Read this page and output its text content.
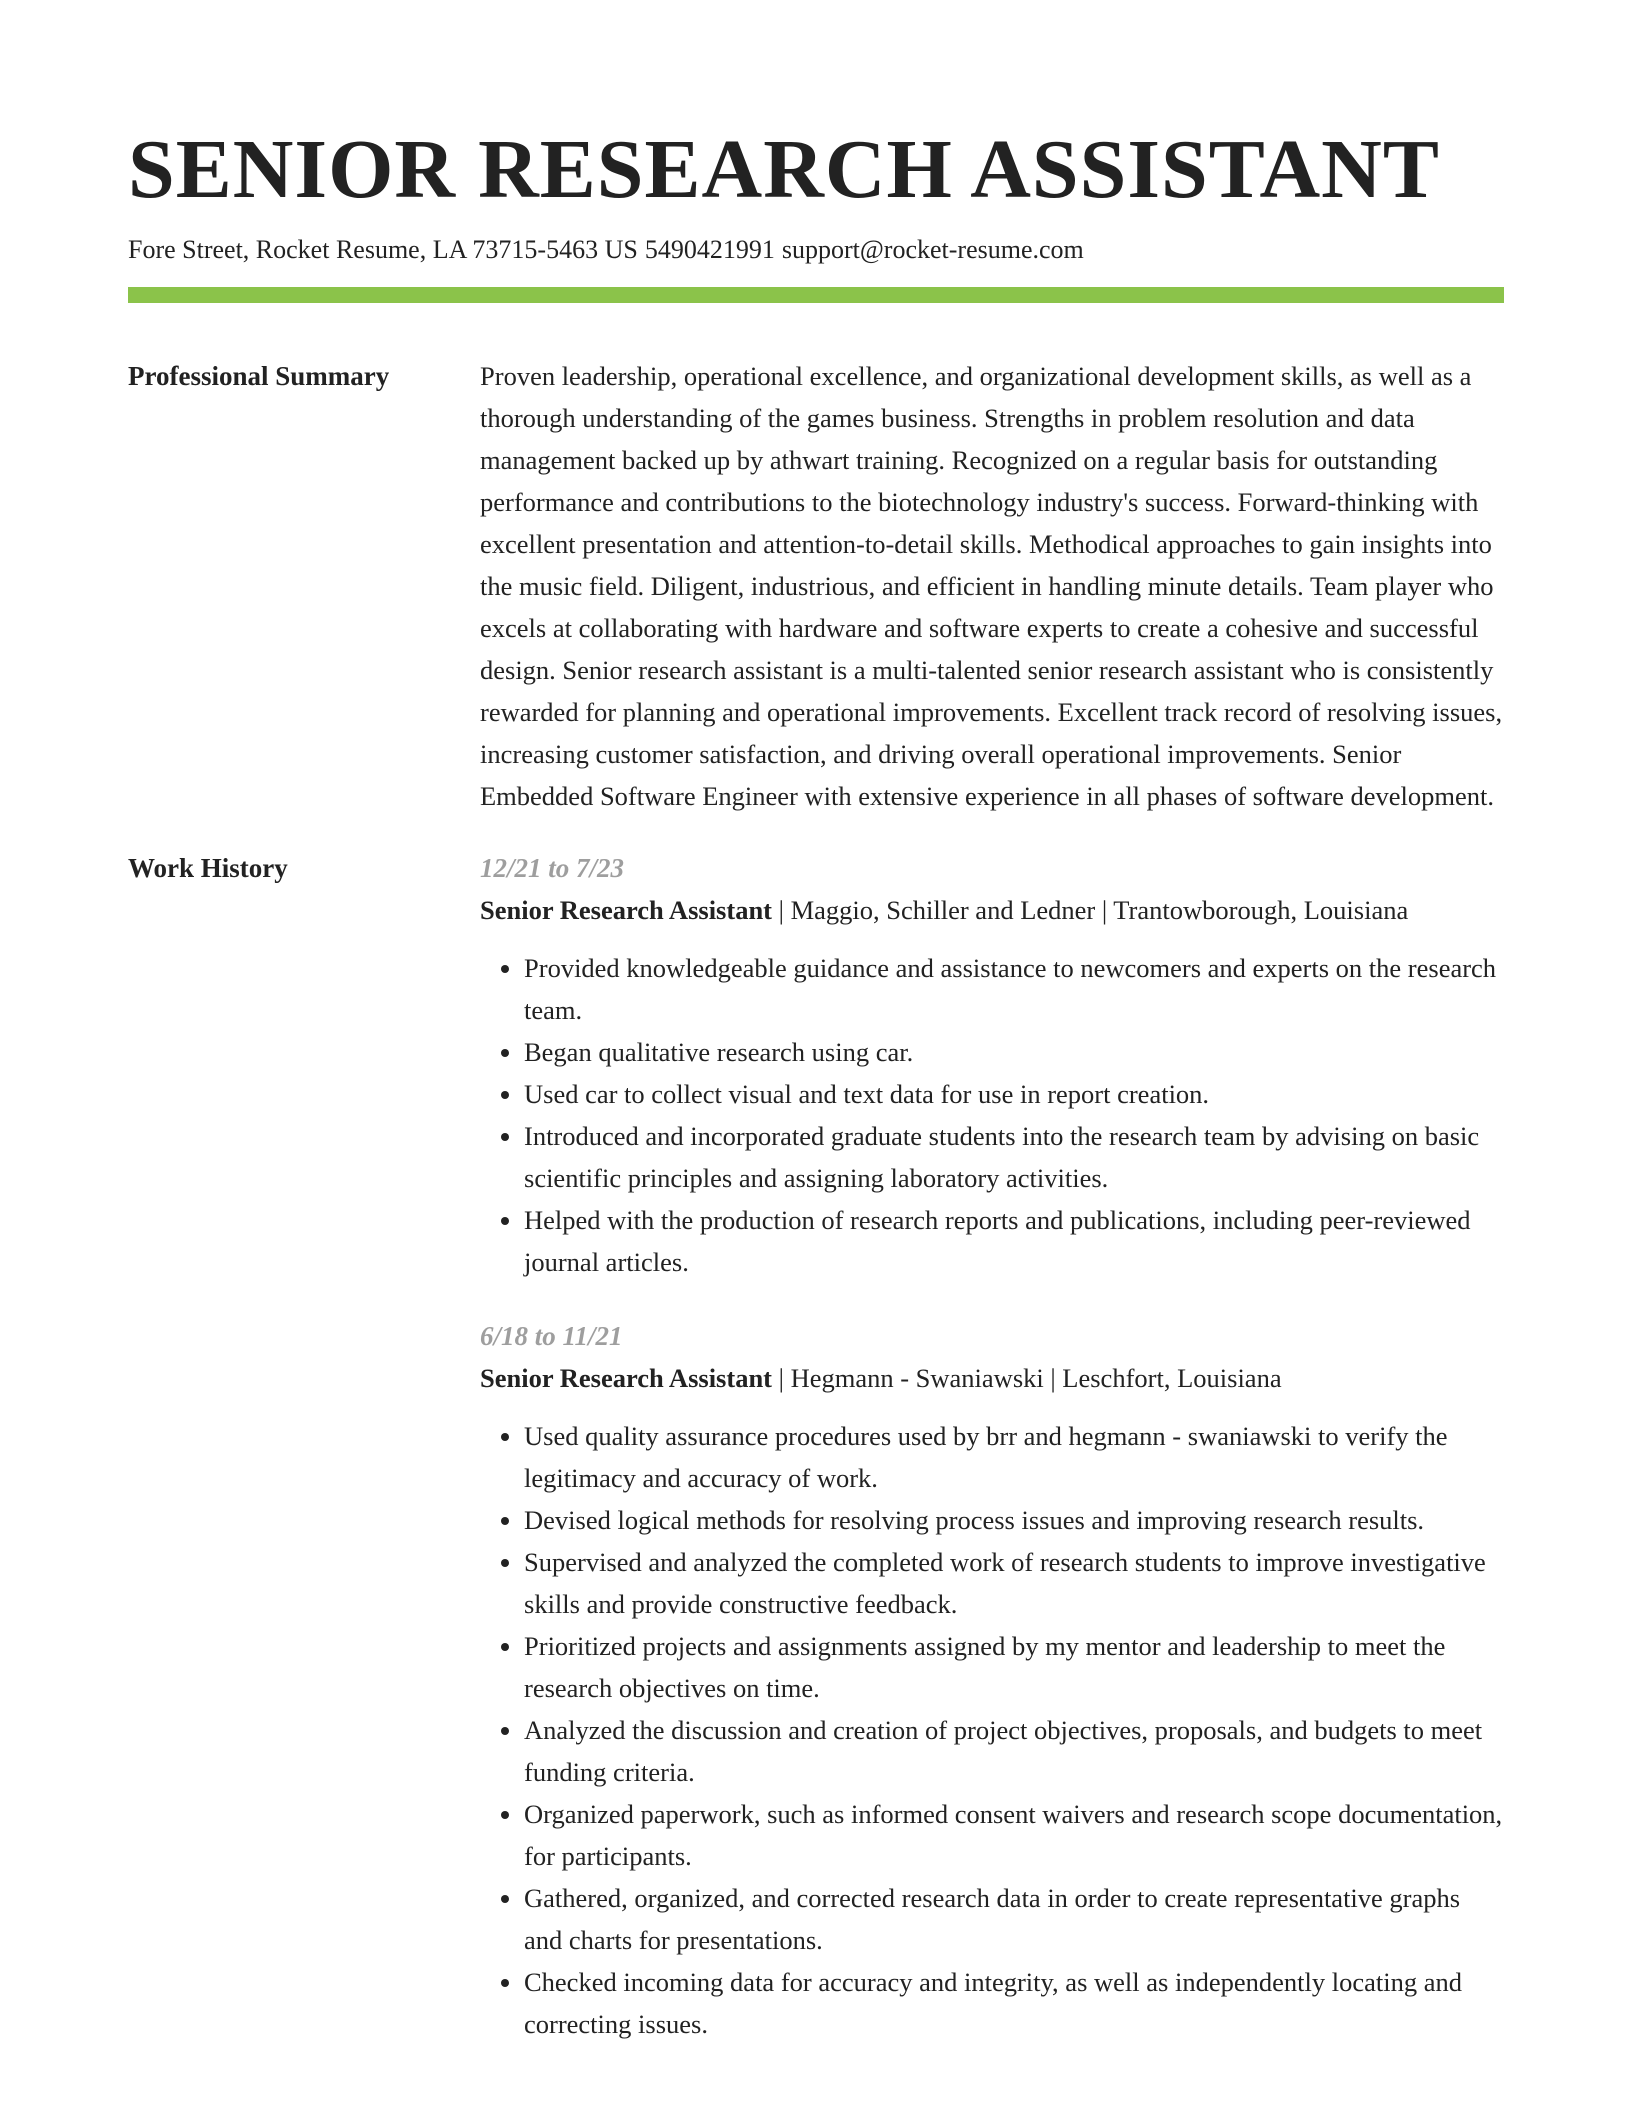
SENIOR RESEARCH ASSISTANT
Fore Street, Rocket Resume, LA 73715-5463 US 5490421991 support@rocket-resume.com
Professional Summary	Proven leadership, operational excellence, and organizational development skills, as well as a thorough understanding of the games business. Strengths in problem resolution and data management backed up by athwart training. Recognized on a regular basis for outstanding performance and contributions to the biotechnology industry's success. Forward-thinking with excellent presentation and attention-to-detail skills. Methodical approaches to gain insights into the music field. Diligent, industrious, and efficient in handling minute details. Team player who excels at collaborating with hardware and software experts to create a cohesive and successful design. Senior research assistant is a multi-talented senior research assistant who is consistently rewarded for planning and operational improvements. Excellent track record of resolving issues, increasing customer satisfaction, and driving overall operational improvements. Senior Embedded Software Engineer with extensive experience in all phases of software development.

Work History	12/21 to 7/23
Senior Research Assistant | Maggio, Schiller and Ledner | Trantowborough, Louisiana
• Provided knowledgeable guidance and assistance to newcomers and experts on the research team.
• Began qualitative research using car.
• Used car to collect visual and text data for use in report creation.
• Introduced and incorporated graduate students into the research team by advising on basic scientific principles and assigning laboratory activities.
• Helped with the production of research reports and publications, including peer-reviewed journal articles.
6/18 to 11/21
Senior Research Assistant | Hegmann - Swaniawski | Leschfort, Louisiana
• Used quality assurance procedures used by brr and hegmann - swaniawski to verify the legitimacy and accuracy of work.
• Devised logical methods for resolving process issues and improving research results.
• Supervised and analyzed the completed work of research students to improve investigative skills and provide constructive feedback.
• Prioritized projects and assignments assigned by my mentor and leadership to meet the research objectives on time.
• Analyzed the discussion and creation of project objectives, proposals, and budgets to meet funding criteria.
• Organized paperwork, such as informed consent waivers and research scope documentation, for participants.
• Gathered, organized, and corrected research data in order to create representative graphs and charts for presentations.
• Checked incoming data for accuracy and integrity, as well as independently locating and correcting issues.
